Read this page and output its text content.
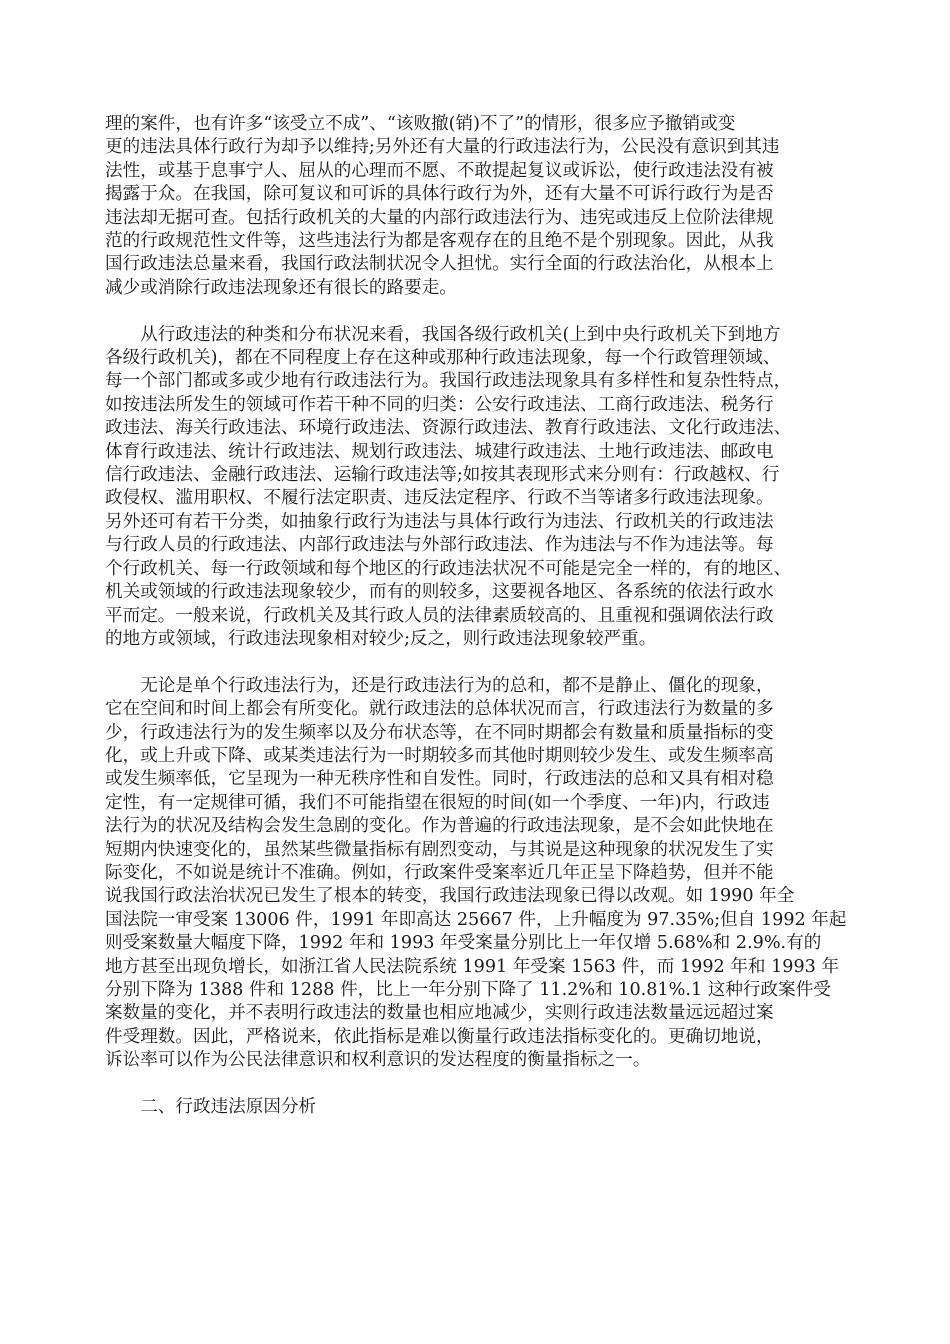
理的案件，也有许多“该受立不成”、“该败撤(销)不了”的情形，很多应予撤销或变
更的违法具体行政行为却予以维持;另外还有大量的行政违法行为，公民没有意识到其违
法性，或基于息事宁人、屈从的心理而不愿、不敢提起复议或诉讼，使行政违法没有被
揭露于众。在我国，除可复议和可诉的具体行政行为外，还有大量不可诉行政行为是否
违法却无据可查。包括行政机关的大量的内部行政违法行为、违宪或违反上位阶法律规
范的行政规范性文件等，这些违法行为都是客观存在的且绝不是个别现象。因此，从我
国行政违法总量来看，我国行政法制状况令人担忧。实行全面的行政法治化，从根本上
减少或消除行政违法现象还有很长的路要走。
从行政违法的种类和分布状况来看，我国各级行政机关(上到中央行政机关下到地方
各级行政机关)，都在不同程度上存在这种或那种行政违法现象，每一个行政管理领域、
每一个部门都或多或少地有行政违法行为。我国行政违法现象具有多样性和复杂性特点，
如按违法所发生的领域可作若干种不同的归类：公安行政违法、工商行政违法、税务行
政违法、海关行政违法、环境行政违法、资源行政违法、教育行政违法、文化行政违法、
体育行政违法、统计行政违法、规划行政违法、城建行政违法、土地行政违法、邮政电
信行政违法、金融行政违法、运输行政违法等;如按其表现形式来分则有：行政越权、行
政侵权、滥用职权、不履行法定职责、违反法定程序、行政不当等诸多行政违法现象。
另外还可有若干分类，如抽象行政行为违法与具体行政行为违法、行政机关的行政违法
与行政人员的行政违法、内部行政违法与外部行政违法、作为违法与不作为违法等。每
个行政机关、每一行政领域和每个地区的行政违法状况不可能是完全一样的，有的地区、
机关或领域的行政违法现象较少，而有的则较多，这要视各地区、各系统的依法行政水
平而定。一般来说，行政机关及其行政人员的法律素质较高的、且重视和强调依法行政
的地方或领域，行政违法现象相对较少;反之，则行政违法现象较严重。
无论是单个行政违法行为，还是行政违法行为的总和，都不是静止、僵化的现象，
它在空间和时间上都会有所变化。就行政违法的总体状况而言，行政违法行为数量的多
少，行政违法行为的发生频率以及分布状态等，在不同时期都会有数量和质量指标的变
化，或上升或下降、或某类违法行为一时期较多而其他时期则较少发生、或发生频率高
或发生频率低，它呈现为一种无秩序性和自发性。同时，行政违法的总和又具有相对稳
定性，有一定规律可循，我们不可能指望在很短的时间(如一个季度、一年)内，行政违
法行为的状况及结构会发生急剧的变化。作为普遍的行政违法现象，是不会如此快地在
短期内快速变化的，虽然某些微量指标有剧烈变动，与其说是这种现象的状况发生了实
际变化，不如说是统计不准确。例如，行政案件受案率近几年正呈下降趋势，但并不能
说我国行政法治状况已发生了根本的转变，我国行政违法现象已得以改观。如 1990 年全
国法院一审受案 13006 件，1991 年即高达 25667 件，上升幅度为 97.35%;但自 1992 年起
则受案数量大幅度下降，1992 年和 1993 年受案量分别比上一年仅增 5.68%和 2.9%.有的
地方甚至出现负增长，如浙江省人民法院系统 1991 年受案 1563 件，而 1992 年和 1993 年
分别下降为 1388 件和 1288 件，比上一年分别下降了 11.2%和 10.81%.1 这种行政案件受
案数量的变化，并不表明行政违法的数量也相应地减少，实则行政违法数量远远超过案
件受理数。因此，严格说来，依此指标是难以衡量行政违法指标变化的。更确切地说，
诉讼率可以作为公民法律意识和权利意识的发达程度的衡量指标之一。
二、行政违法原因分析
